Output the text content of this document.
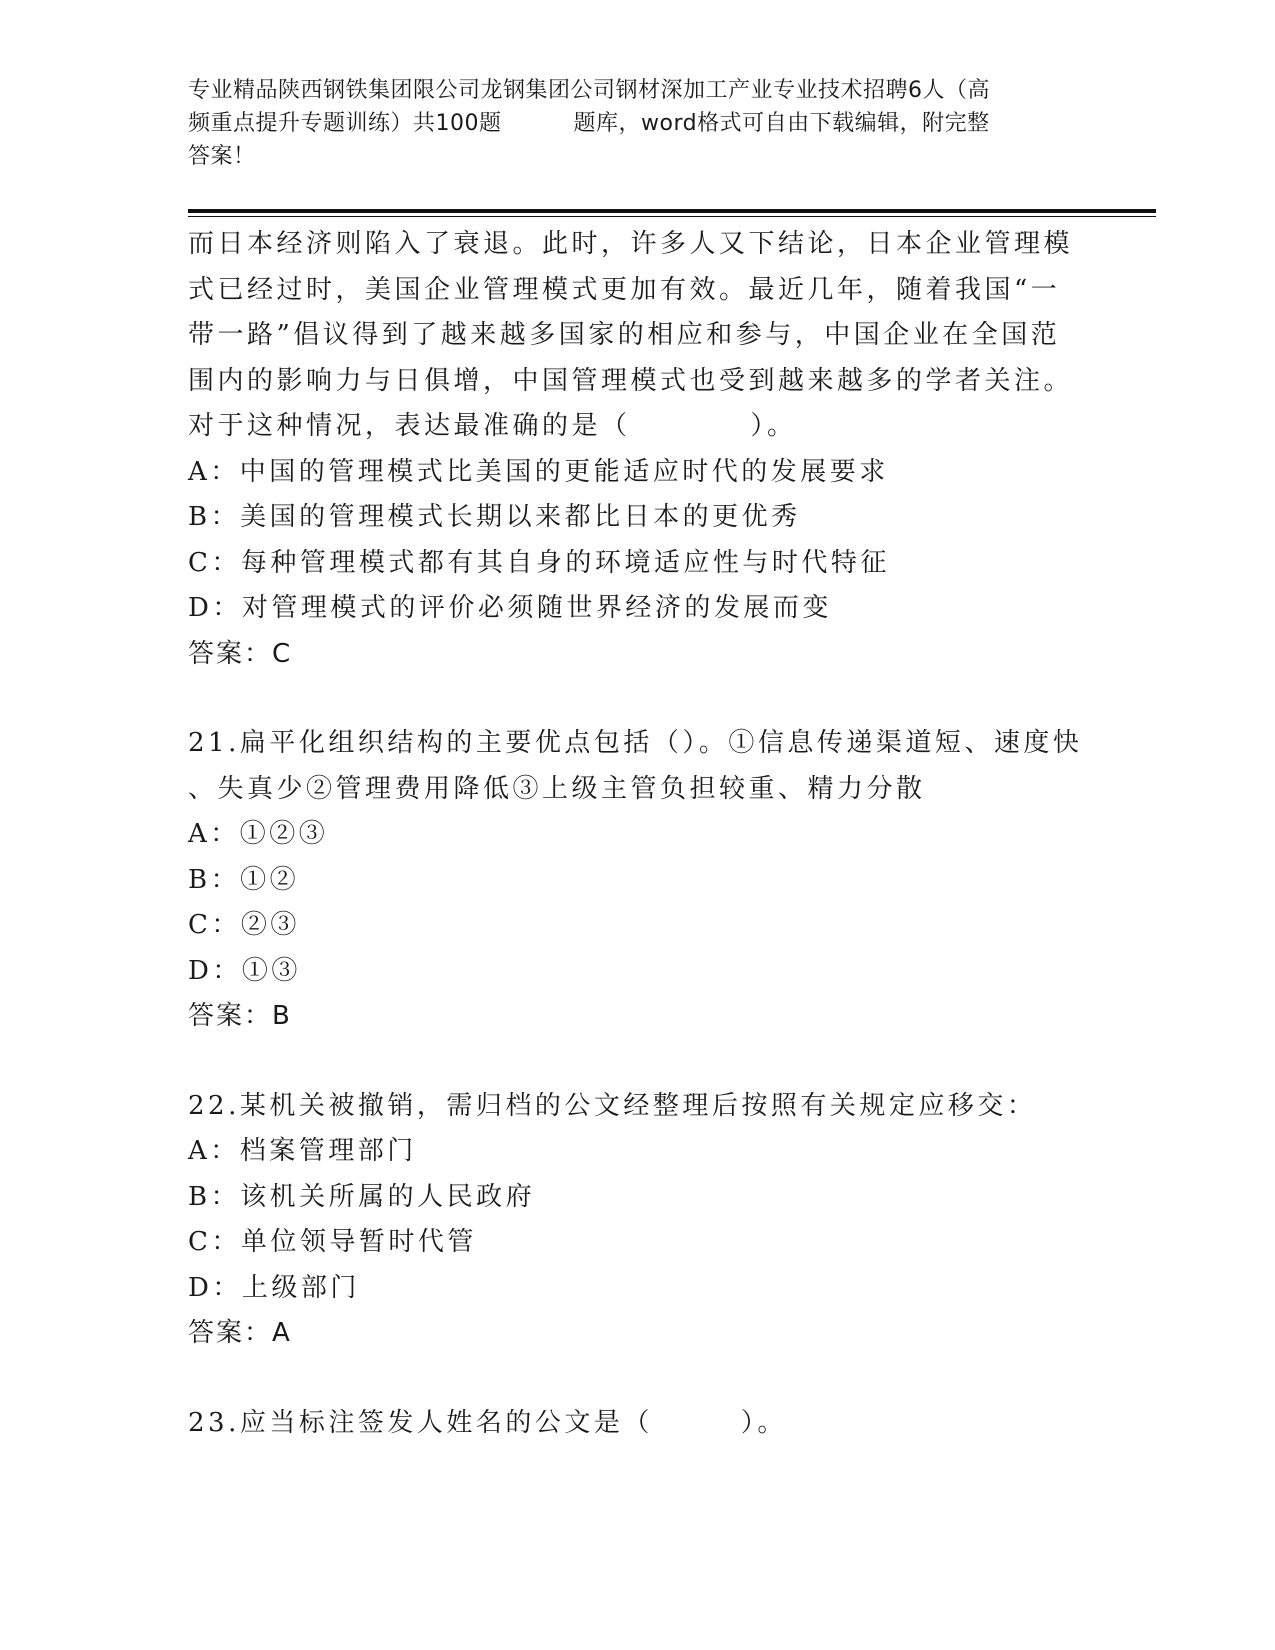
专业精品陕西钢铁集团限公司龙钢集团公司钢材深加工产业专业技术招聘6人（高
频重点提升专题训练）共100题	题库，word格式可自由下载编辑，附完整
答案！
而日本经济则陷入了衰退。此时，许多人又下结论，日本企业管理模
式已经过时，美国企业管理模式更加有效。最近几年，随着我国“一
带一路”倡议得到了越来越多国家的相应和参与，中国企业在全国范
围内的影响力与日俱增，中国管理模式也受到越来越多的学者关注。
对于这种情况，表达最准确的是（	）。
A：中国的管理模式比美国的更能适应时代的发展要求
B：美国的管理模式长期以来都比日本的更优秀
C：每种管理模式都有其自身的环境适应性与时代特征
D：对管理模式的评价必须随世界经济的发展而变
答案：C
21.扁平化组织结构的主要优点包括（）。①信息传递渠道短、速度快
、失真少②管理费用降低③上级主管负担较重、精力分散
A：①②③
B：①②
C：②③
D：①③
答案：B
22.某机关被撤销，需归档的公文经整理后按照有关规定应移交：
A：档案管理部门
B：该机关所属的人民政府
C：单位领导暂时代管
D：上级部门
答案：A
23.应当标注签发人姓名的公文是（	）。
